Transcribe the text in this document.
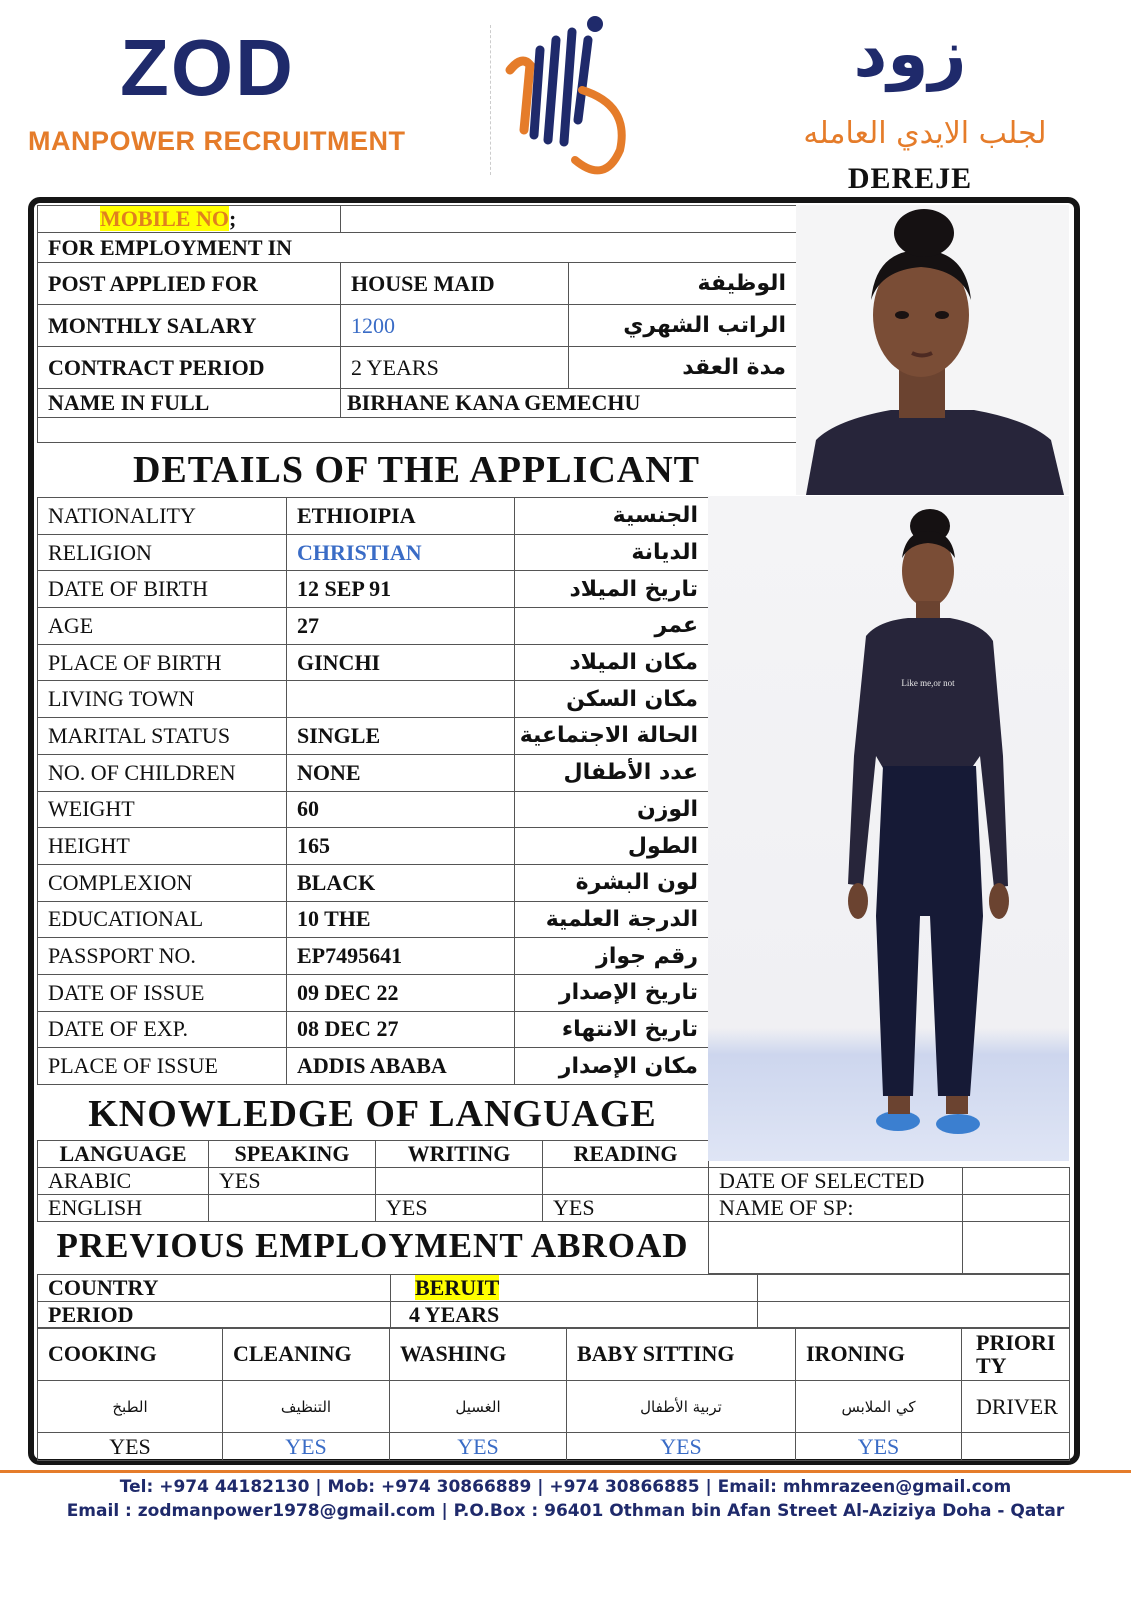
ZOD
MANPOWER RECRUITMENT
زود
لجلب الايدي العامله
DEREJE
MOBILE NO;		
FOR EMPLOYMENT IN		
POST APPLIED FOR	HOUSE MAID	الوظيفة
MONTHLY SALARY	1200	الراتب الشهري
CONTRACT PERIOD	2 YEARS	مدة العقد
NAME IN FULL	BIRHANE KANA GEMECHU	

DETAILS OF THE APPLICANT
NATIONALITY	ETHIOIPIA	الجنسية
RELIGION	CHRISTIAN	الديانة
DATE OF BIRTH	12 SEP 91	تاريخ الميلاد
AGE	27	عمر
PLACE OF BIRTH	GINCHI	مكان الميلاد
LIVING TOWN		مكان السكن
MARITAL STATUS	SINGLE	الحالة الاجتماعية
NO. OF CHILDREN	NONE	عدد الأطفال
WEIGHT	60	الوزن
HEIGHT	165	الطول
COMPLEXION	BLACK	لون البشرة
EDUCATIONAL	10 THE	الدرجة العلمية
PASSPORT NO.	EP7495641	رقم جواز
DATE OF ISSUE	09 DEC 22	تاريخ الإصدار
DATE OF EXP.	08 DEC 27	تاريخ الانتهاء
PLACE OF ISSUE	ADDIS ABABA	مكان الإصدار
KNOWLEDGE OF LANGUAGE
LANGUAGE	SPEAKING	WRITING	READING
ARABIC	YES		
ENGLISH		YES	YES
DATE OF SELECTED	
NAME OF SP:	

PREVIOUS EMPLOYMENT ABROAD
COUNTRY	BERUIT	
PERIOD	4 YEARS	
COOKING	CLEANING	WASHING	BABY SITTING	IRONING	PRIORI TY
الطبخ	التنظيف	الغسيل	تربية الأطفال	كي الملابس	DRIVER
YES	YES	YES	YES	YES	
Like me,or not
Tel: +974 44182130 | Mob: +974 30866889 | +974 30866885 | Email: mhmrazeen@gmail.com
Email : zodmanpower1978@gmail.com | P.O.Box : 96401 Othman bin Afan Street Al-Aziziya Doha - Qatar
